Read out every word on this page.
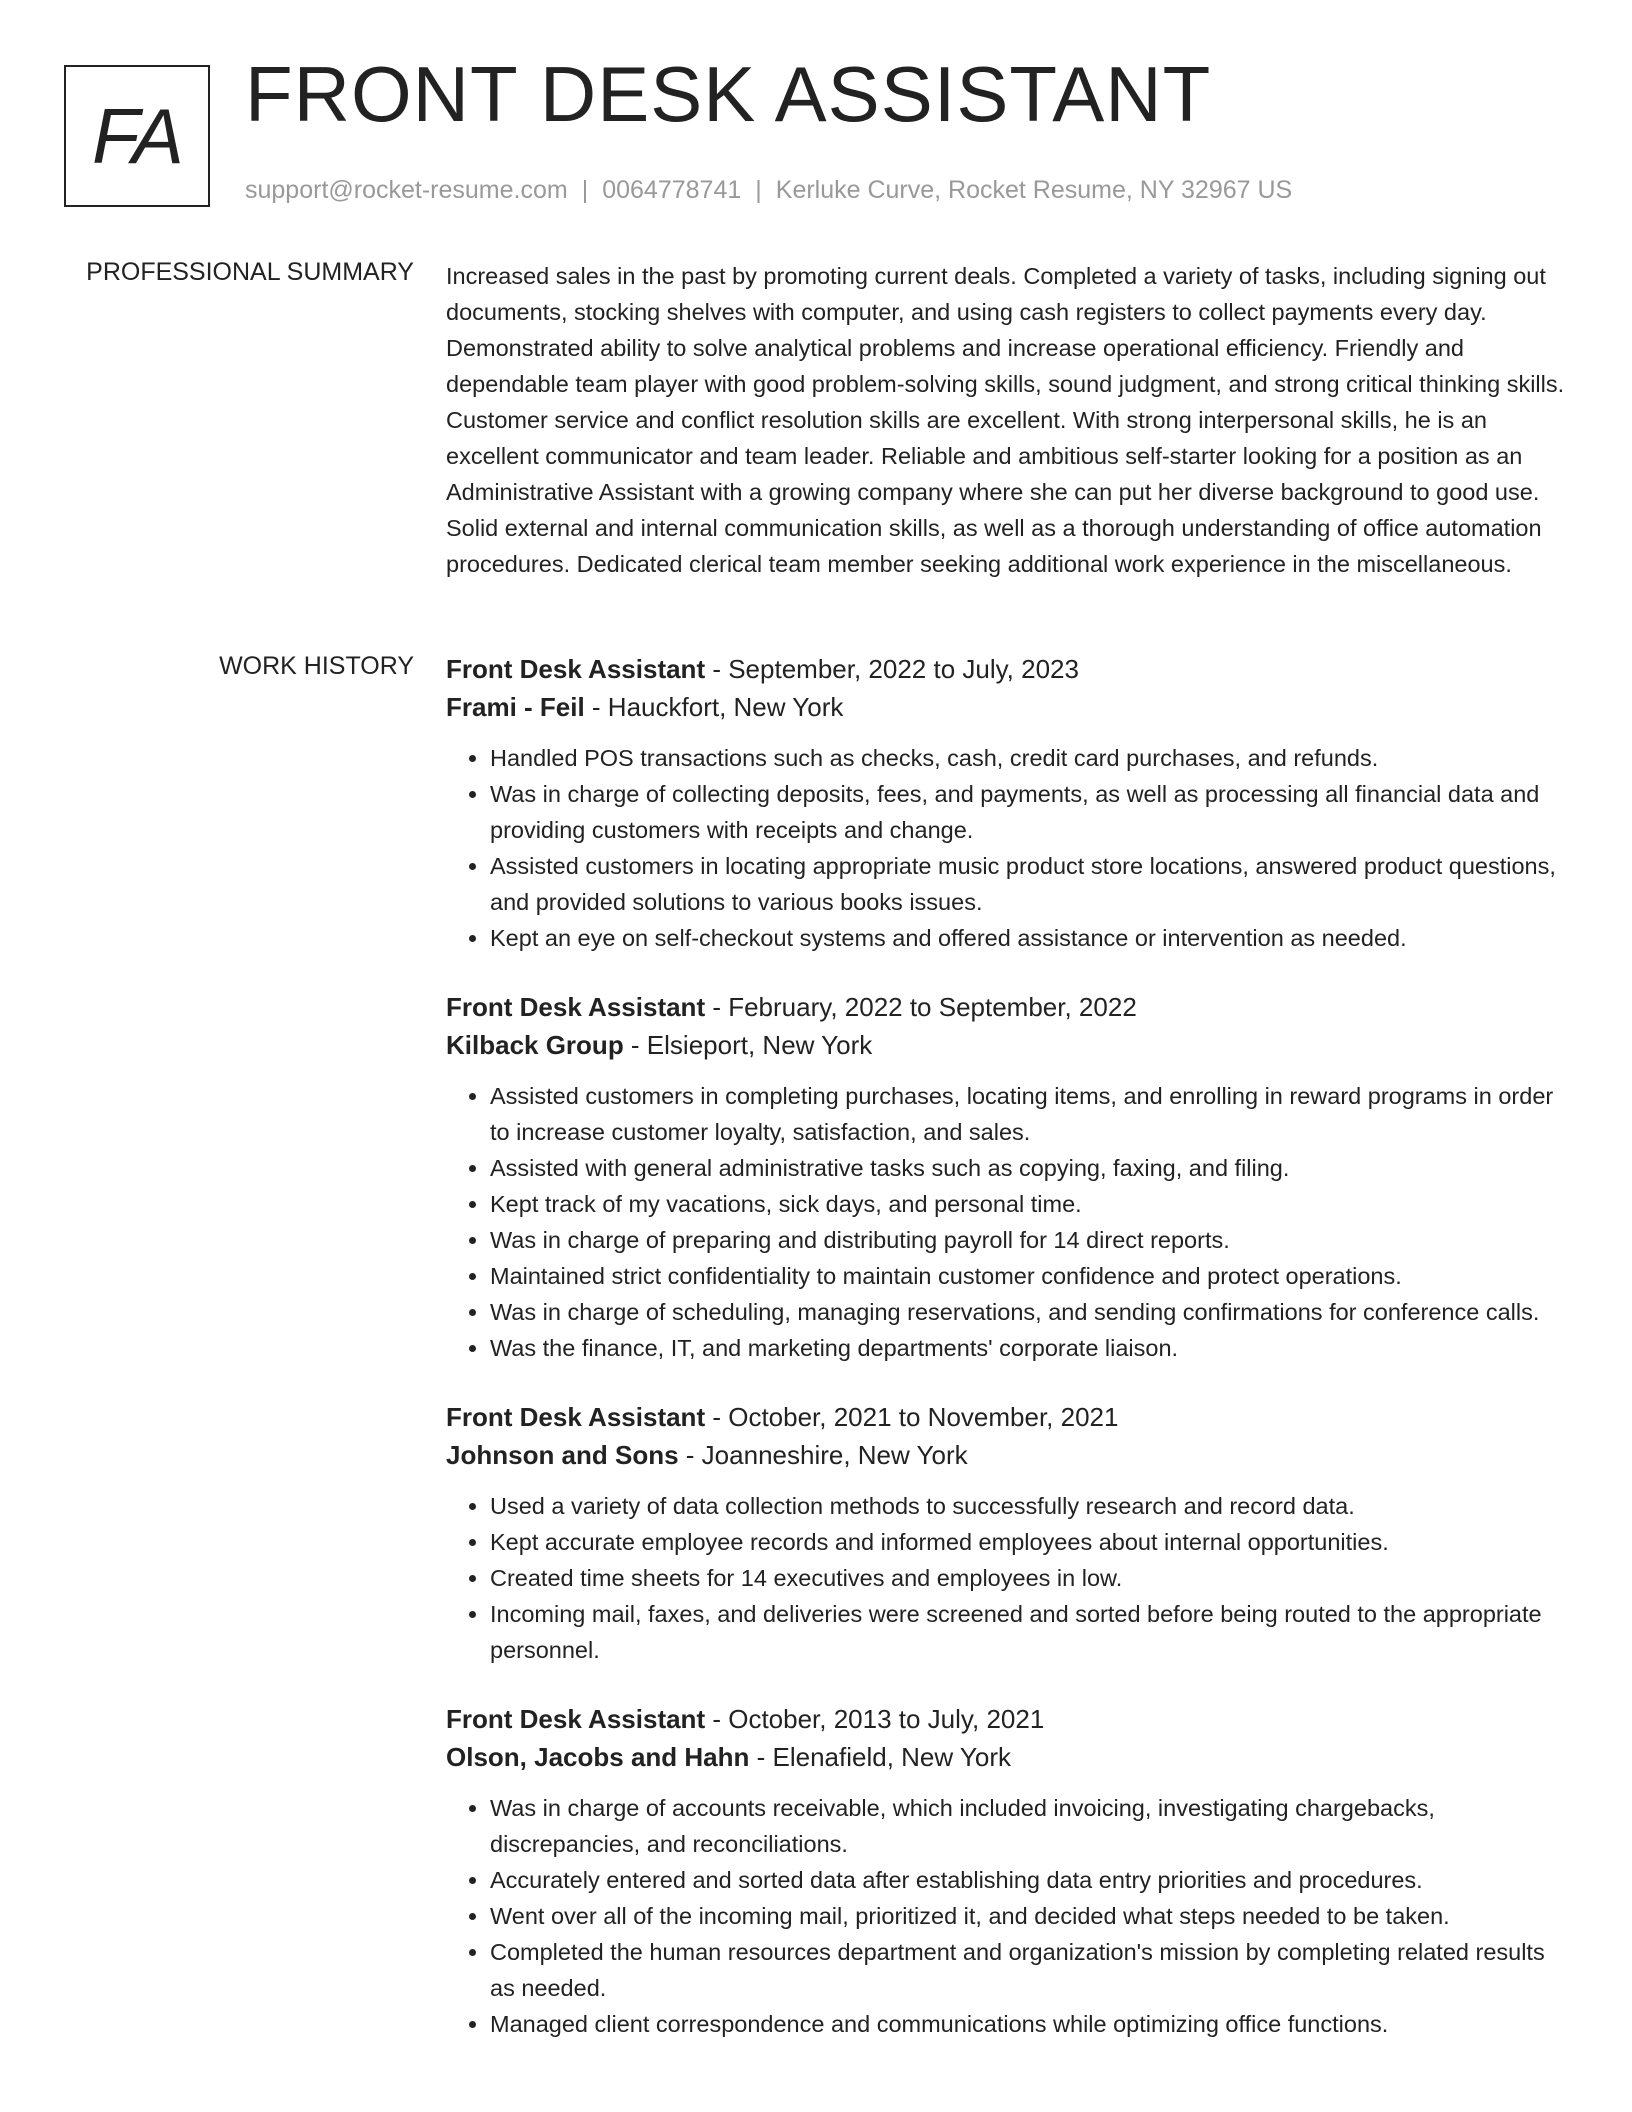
FA FRONT DESK ASSISTANT
support@rocket-resume.com | 0064778741 | Kerluke Curve, Rocket Resume, NY 32967 US
PROFESSIONAL SUMMARY Increased sales in the past by promoting current deals. Completed a variety of tasks, including signing out documents, stocking shelves with computer, and using cash registers to collect payments every day. Demonstrated ability to solve analytical problems and increase operational efficiency. Friendly and dependable team player with good problem-solving skills, sound judgment, and strong critical thinking skills. Customer service and conflict resolution skills are excellent. With strong interpersonal skills, he is an excellent communicator and team leader. Reliable and ambitious self-starter looking for a position as an Administrative Assistant with a growing company where she can put her diverse background to good use. Solid external and internal communication skills, as well as a thorough understanding of office automation procedures. Dedicated clerical team member seeking additional work experience in the miscellaneous.
WORK HISTORY Front Desk Assistant - September, 2022 to July, 2023
Frami - Feil - Hauckfort, New York
• Handled POS transactions such as checks, cash, credit card purchases, and refunds.
• Was in charge of collecting deposits, fees, and payments, as well as processing all financial data and providing customers with receipts and change.
• Assisted customers in locating appropriate music product store locations, answered product questions, and provided solutions to various books issues.
• Kept an eye on self-checkout systems and offered assistance or intervention as needed.
Front Desk Assistant - February, 2022 to September, 2022
Kilback Group - Elsieport, New York
• Assisted customers in completing purchases, locating items, and enrolling in reward programs in order to increase customer loyalty, satisfaction, and sales.
• Assisted with general administrative tasks such as copying, faxing, and filing.
• Kept track of my vacations, sick days, and personal time.
• Was in charge of preparing and distributing payroll for 14 direct reports.
• Maintained strict confidentiality to maintain customer confidence and protect operations.
• Was in charge of scheduling, managing reservations, and sending confirmations for conference calls.
• Was the finance, IT, and marketing departments' corporate liaison.
Front Desk Assistant - October, 2021 to November, 2021
Johnson and Sons - Joanneshire, New York
• Used a variety of data collection methods to successfully research and record data.
• Kept accurate employee records and informed employees about internal opportunities.
• Created time sheets for 14 executives and employees in low.
• Incoming mail, faxes, and deliveries were screened and sorted before being routed to the appropriate personnel.
Front Desk Assistant - October, 2013 to July, 2021
Olson, Jacobs and Hahn - Elenafield, New York
• Was in charge of accounts receivable, which included invoicing, investigating chargebacks, discrepancies, and reconciliations.
• Accurately entered and sorted data after establishing data entry priorities and procedures.
• Went over all of the incoming mail, prioritized it, and decided what steps needed to be taken.
• Completed the human resources department and organization's mission by completing related results as needed.
• Managed client correspondence and communications while optimizing office functions.
